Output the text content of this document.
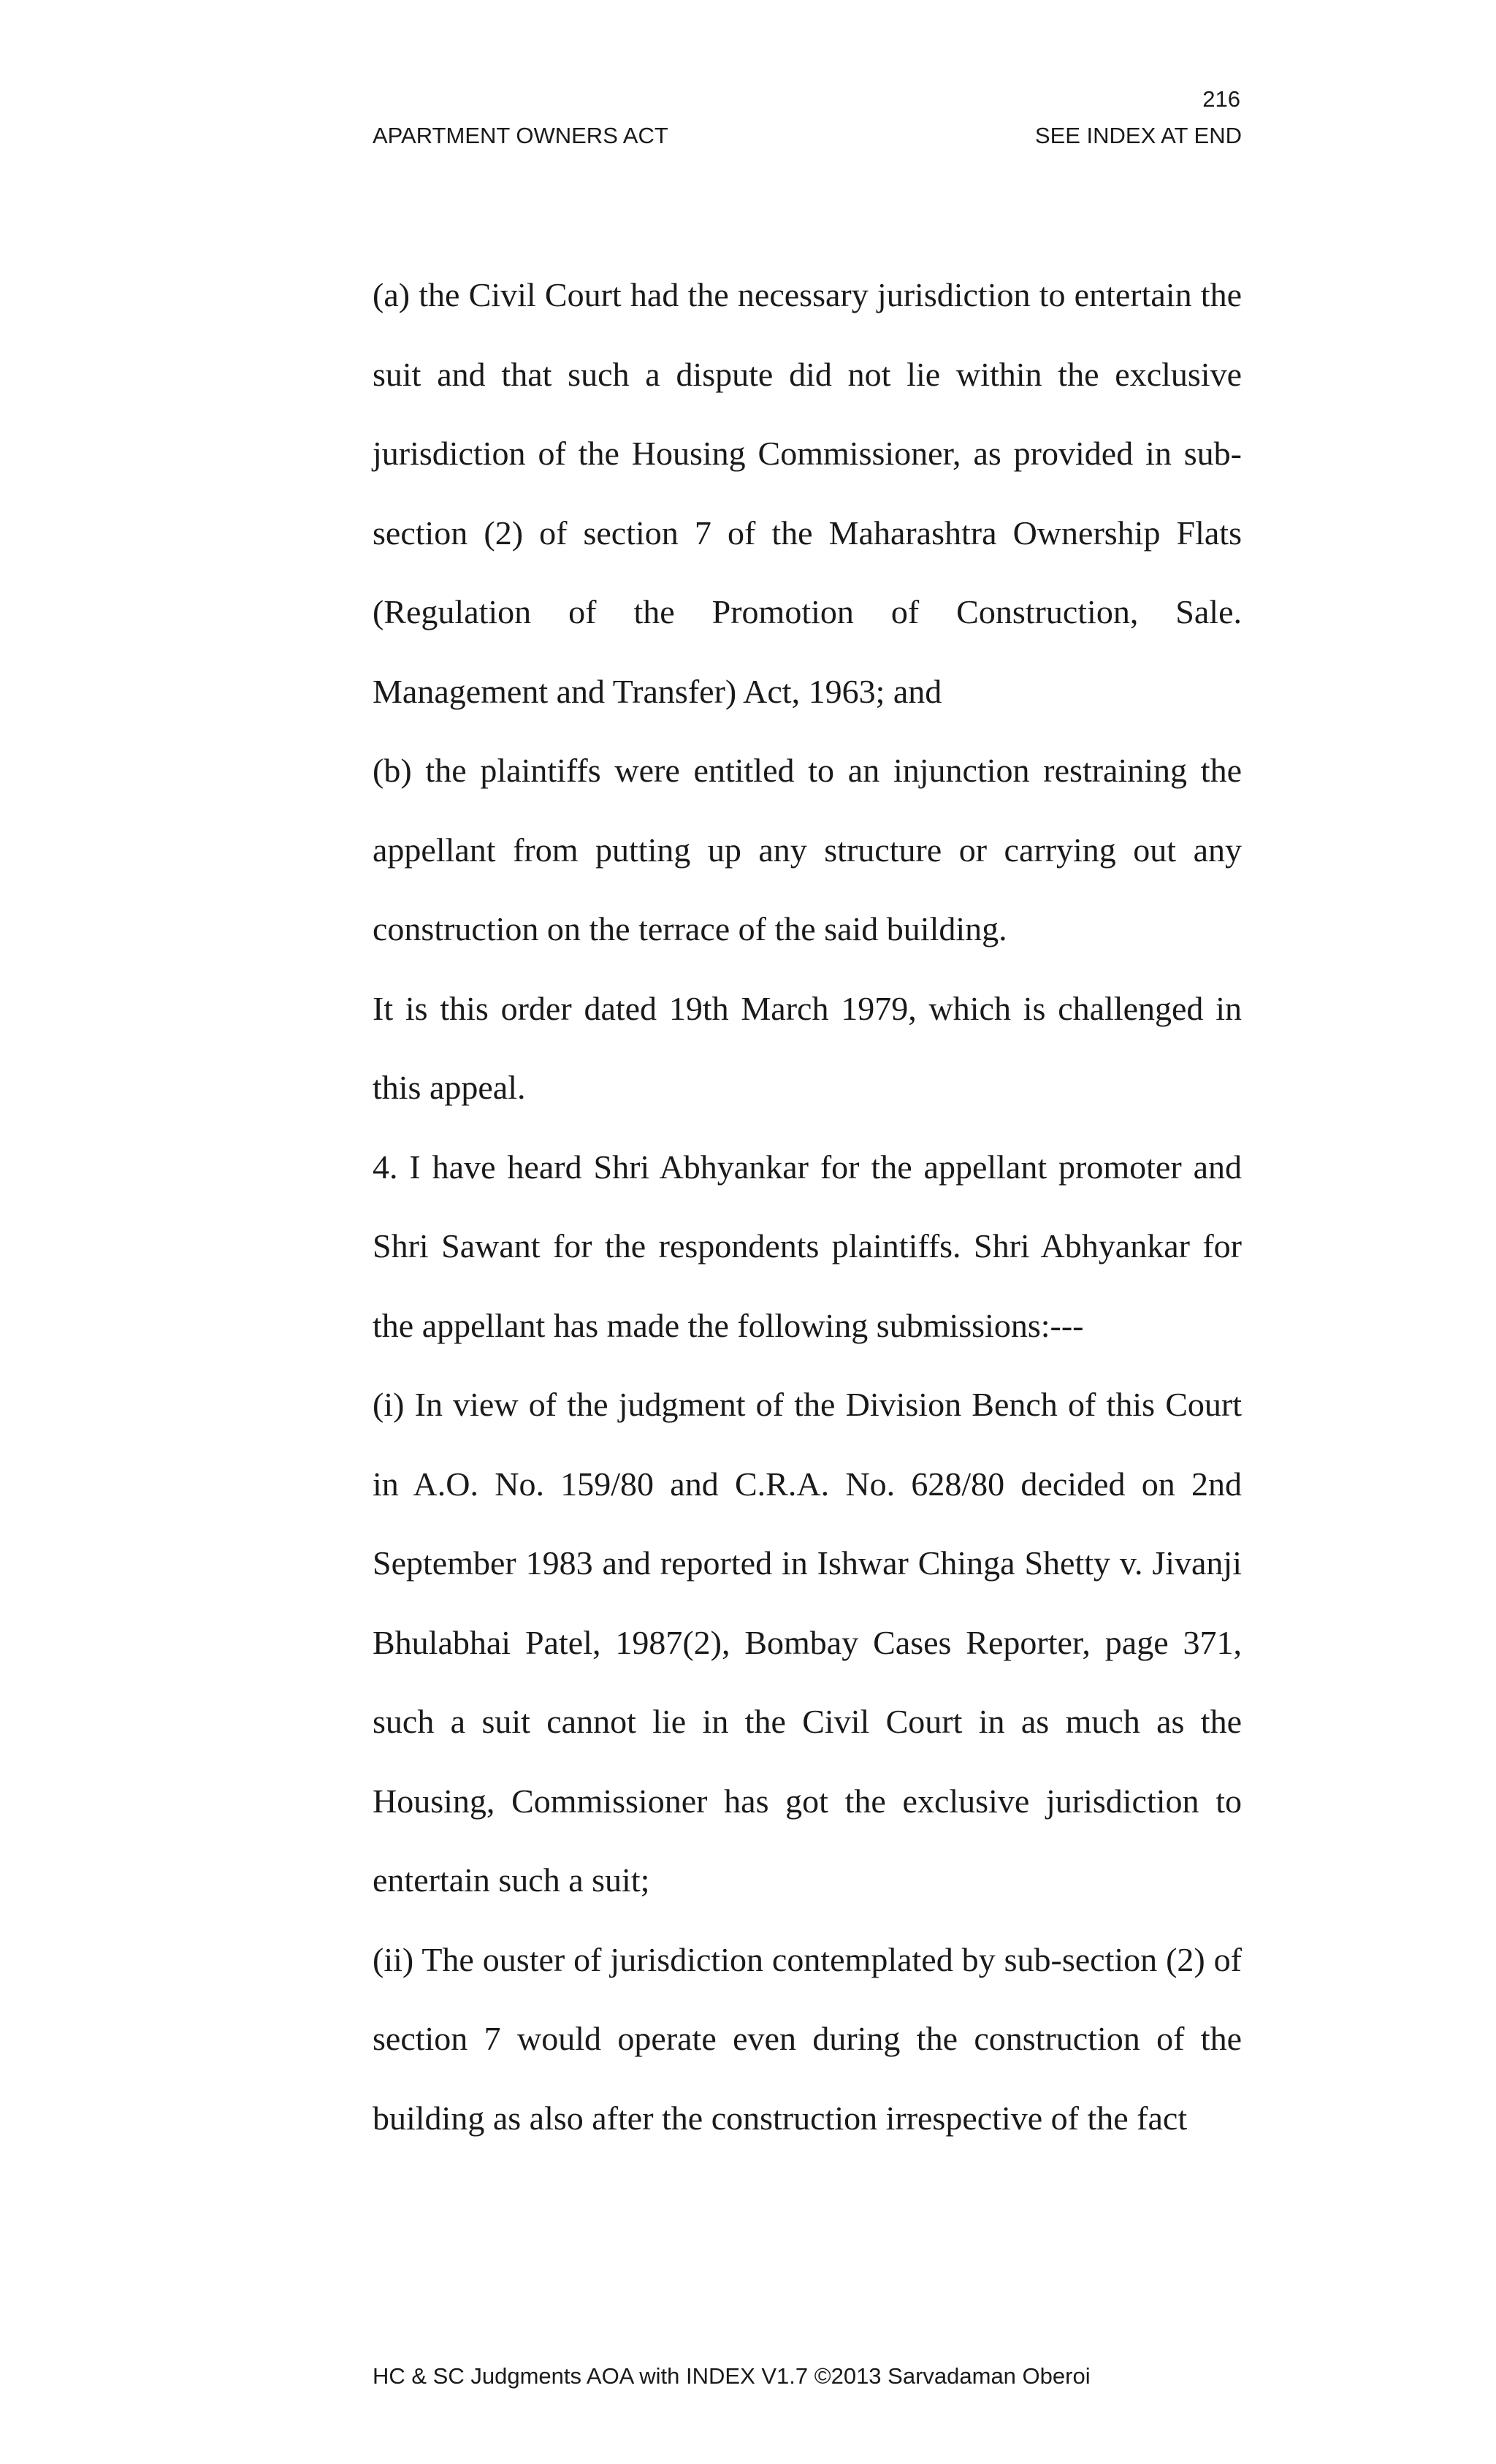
216
APARTMENT OWNERS ACT	SEE INDEX AT END

(a) the Civil Court had the necessary jurisdiction to entertain the suit and that such a dispute did not lie within the exclusive jurisdiction of the Housing Commissioner, as provided in sub-section (2) of section 7 of the Maharashtra Ownership Flats (Regulation of the Promotion of Construction, Sale. Management and Transfer) Act, 1963; and

(b) the plaintiffs were entitled to an injunction restraining the appellant from putting up any structure or carrying out any construction on the terrace of the said building.

It is this order dated 19th March 1979, which is challenged in this appeal.

4. I have heard Shri Abhyankar for the appellant promoter and Shri Sawant for the respondents plaintiffs. Shri Abhyankar for the appellant has made the following submissions:---

(i) In view of the judgment of the Division Bench of this Court in A.O. No. 159/80 and C.R.A. No. 628/80 decided on 2nd September 1983 and reported in Ishwar Chinga Shetty v. Jivanji Bhulabhai Patel, 1987(2), Bombay Cases Reporter, page 371, such a suit cannot lie in the Civil Court in as much as the Housing, Commissioner has got the exclusive jurisdiction to entertain such a suit;

(ii) The ouster of jurisdiction contemplated by sub-section (2) of section 7 would operate even during the construction of the building as also after the construction irrespective of the fact

HC & SC Judgments AOA with INDEX V1.7 ©2013 Sarvadaman Oberoi
